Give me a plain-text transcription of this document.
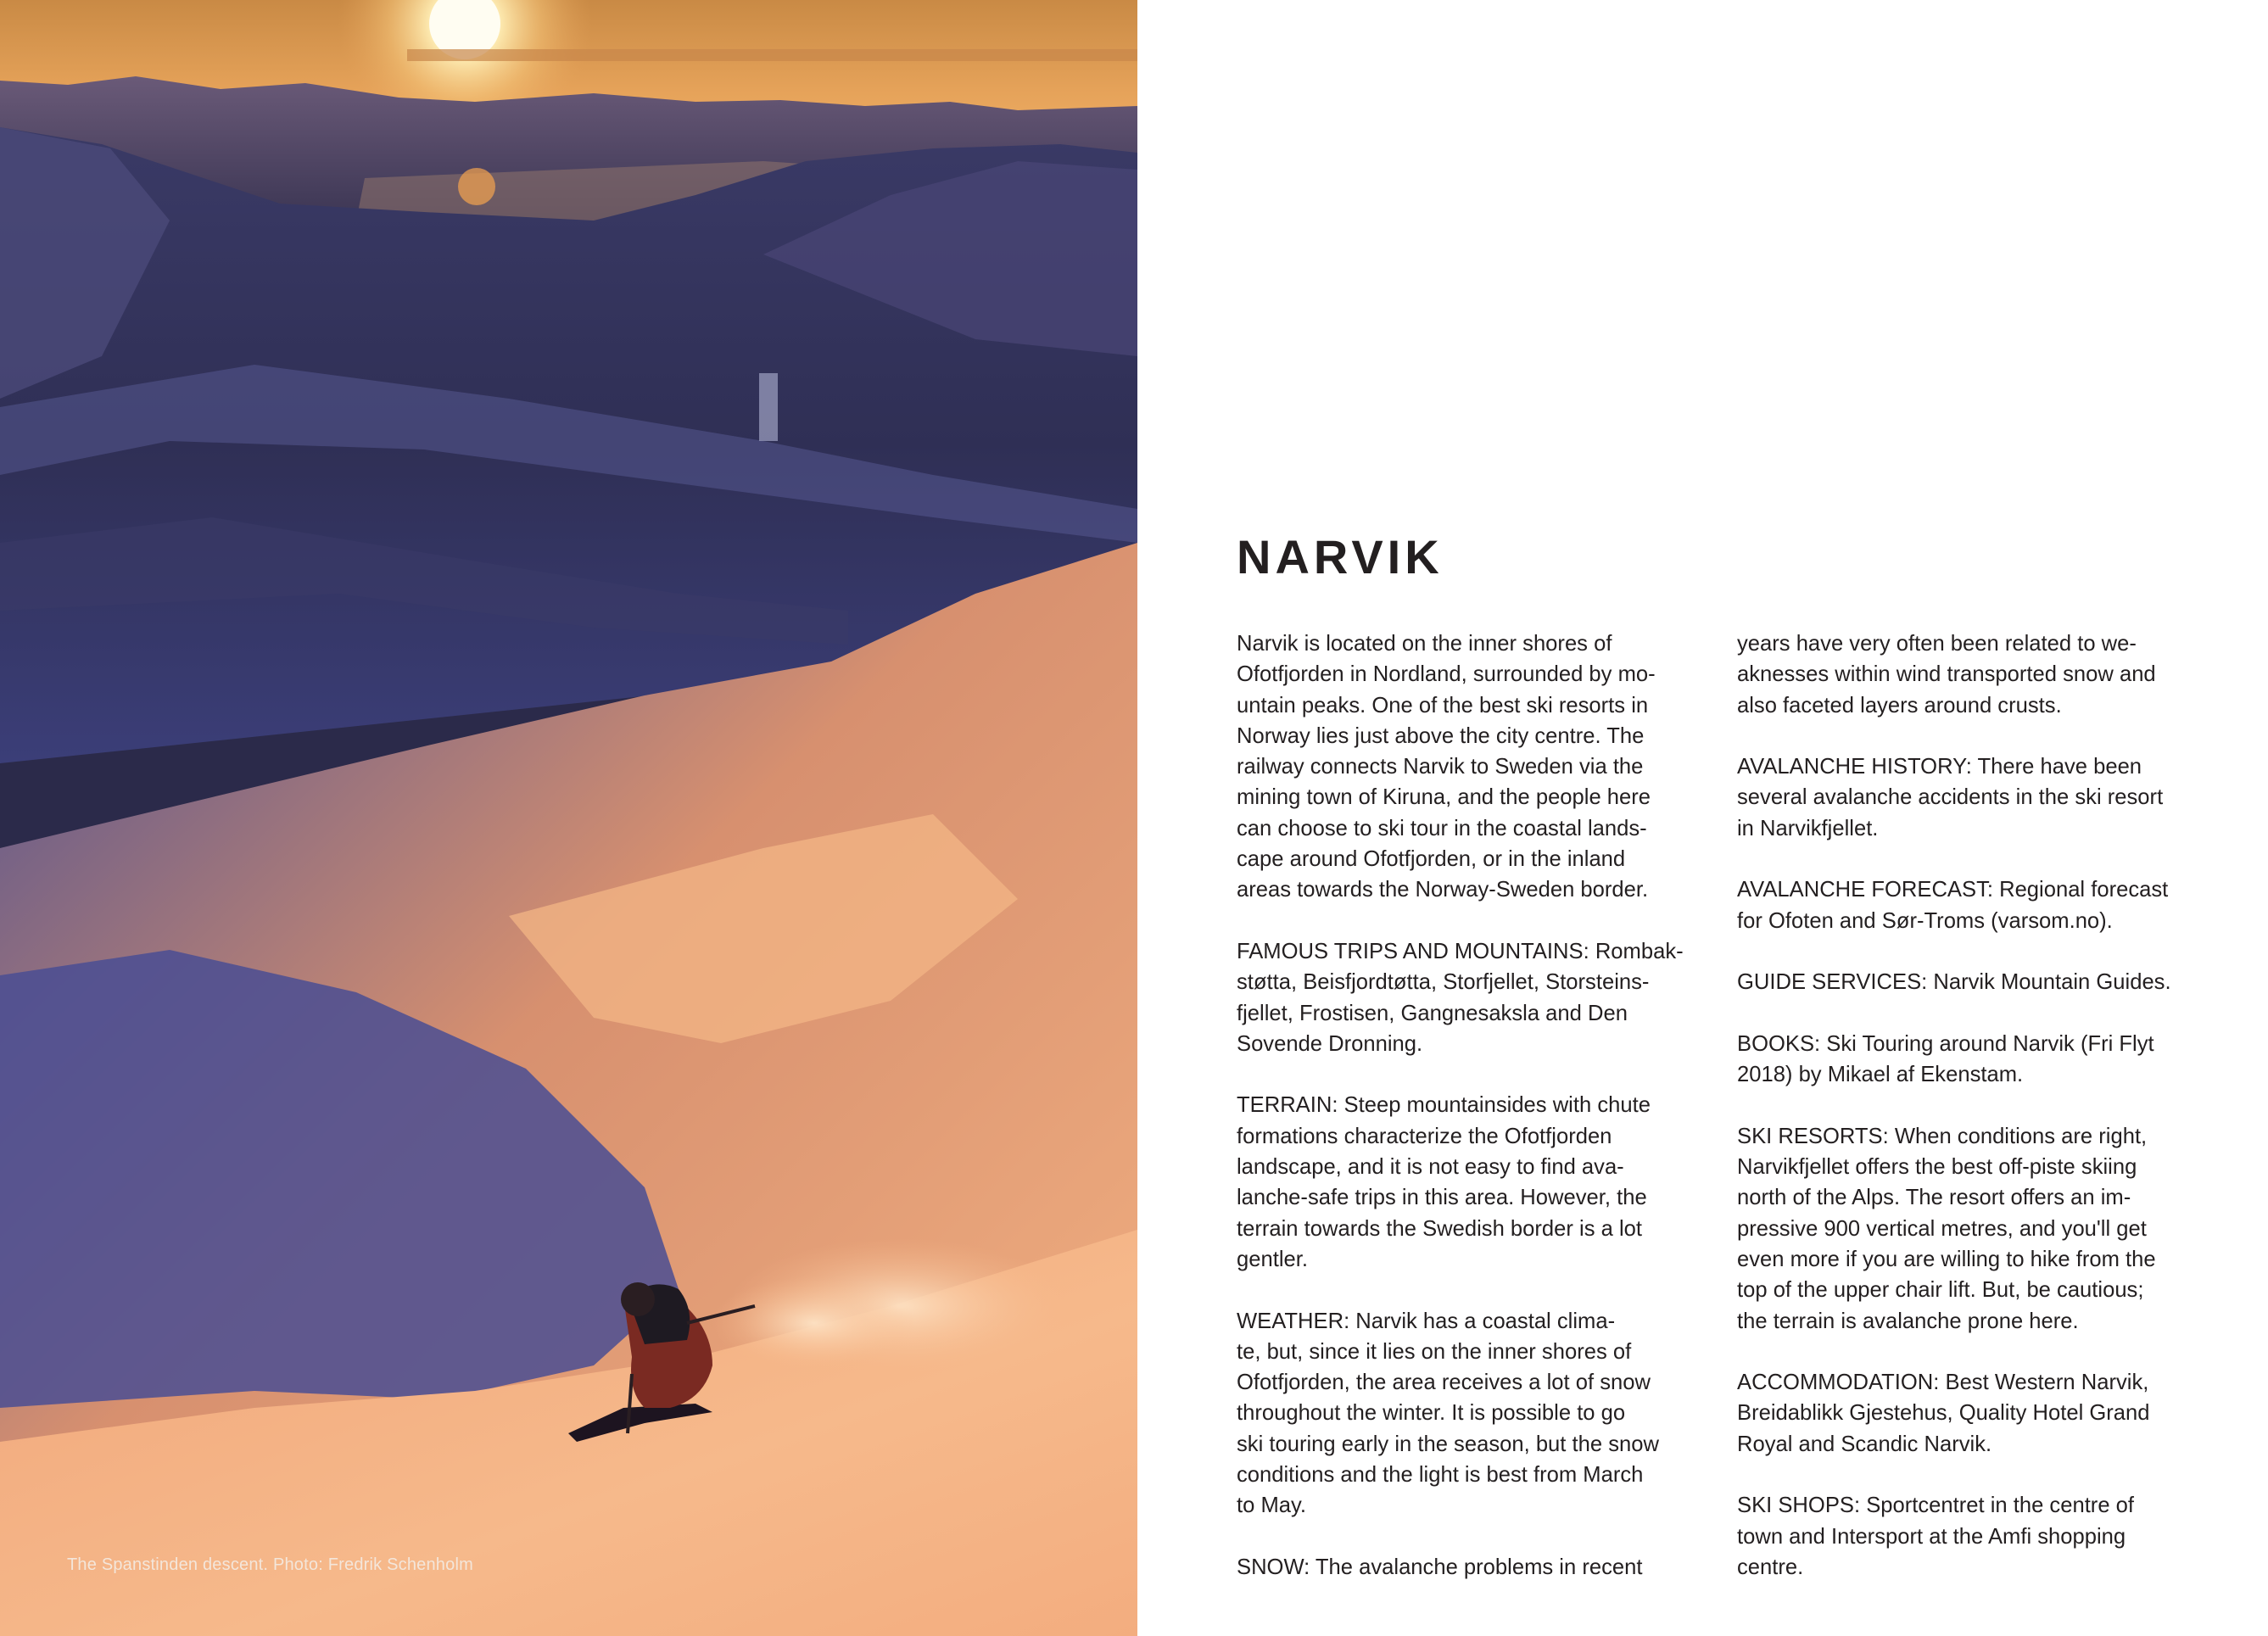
The Spanstinden descent. Photo: Fredrik Schenholm
NARVIK

Narvik is located on the inner shores of
Ofotfjorden in Nordland, surrounded by mo-
untain peaks. One of the best ski resorts in
Norway lies just above the city centre. The
railway connects Narvik to Sweden via the
mining town of Kiruna, and the people here
can choose to ski tour in the coastal lands-
cape around Ofotfjorden, or in the inland
areas towards the Norway-Sweden border.

FAMOUS TRIPS AND MOUNTAINS: Rombak-
støtta, Beisfjordtøtta, Storfjellet, Storsteins-
fjellet, Frostisen, Gangnesaksla and Den
Sovende Dronning.

TERRAIN: Steep mountainsides with chute
formations characterize the Ofotfjorden
landscape, and it is not easy to find ava-
lanche-safe trips in this area. However, the
terrain towards the Swedish border is a lot
gentler.

WEATHER: Narvik has a coastal clima-
te, but, since it lies on the inner shores of
Ofotfjorden, the area receives a lot of snow
throughout the winter. It is possible to go
ski touring early in the season, but the snow
conditions and the light is best from March
to May.

SNOW: The avalanche problems in recent

years have very often been related to we-
aknesses within wind transported snow and
also faceted layers around crusts.

AVALANCHE HISTORY: There have been
several avalanche accidents in the ski resort
in Narvikfjellet.

AVALANCHE FORECAST: Regional forecast
for Ofoten and Sør-Troms (varsom.no).

GUIDE SERVICES: Narvik Mountain Guides.

BOOKS: Ski Touring around Narvik (Fri Flyt
2018) by Mikael af Ekenstam.

SKI RESORTS: When conditions are right,
Narvikfjellet offers the best off-piste skiing
north of the Alps. The resort offers an im-
pressive 900 vertical metres, and you'll get
even more if you are willing to hike from the
top of the upper chair lift. But, be cautious;
the terrain is avalanche prone here.

ACCOMMODATION: Best Western Narvik,
Breidablikk Gjestehus, Quality Hotel Grand
Royal and Scandic Narvik.

SKI SHOPS: Sportcentret in the centre of
town and Intersport at the Amfi shopping
centre.
